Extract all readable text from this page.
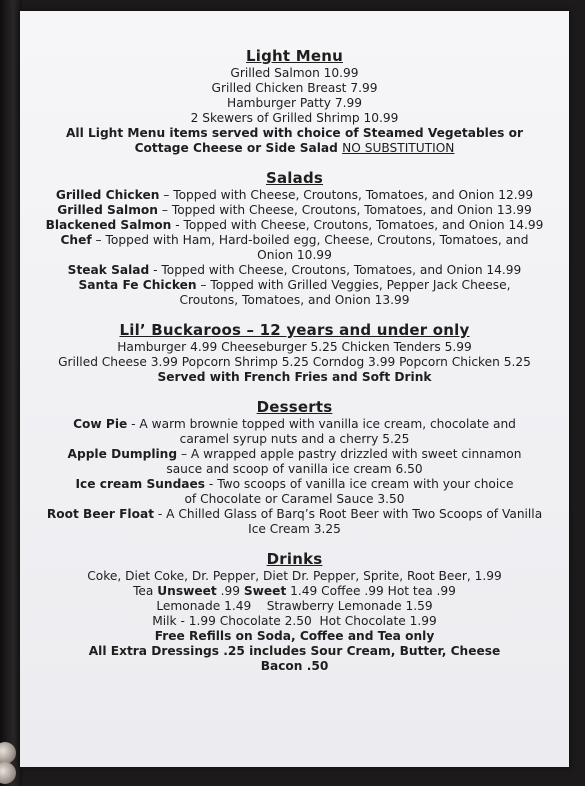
Light Menu

Grilled Salmon 10.99

Grilled Chicken Breast 7.99

Hamburger Patty 7.99

2 Skewers of Grilled Shrimp 10.99

All Light Menu items served with choice of Steamed Vegetables or

Cottage Cheese or Side Salad NO SUBSTITUTION

Salads

Grilled Chicken – Topped with Cheese, Croutons, Tomatoes, and Onion 12.99

Grilled Salmon – Topped with Cheese, Croutons, Tomatoes, and Onion 13.99

Blackened Salmon - Topped with Cheese, Croutons, Tomatoes, and Onion 14.99

Chef – Topped with Ham, Hard-boiled egg, Cheese, Croutons, Tomatoes, and Onion 10.99

Steak Salad - Topped with Cheese, Croutons, Tomatoes, and Onion 14.99

Santa Fe Chicken – Topped with Grilled Veggies, Pepper Jack Cheese, Croutons, Tomatoes, and Onion 13.99

Lil’ Buckaroos – 12 years and under only

Hamburger 4.99 Cheeseburger 5.25 Chicken Tenders 5.99

Grilled Cheese 3.99 Popcorn Shrimp 5.25 Corndog 3.99 Popcorn Chicken 5.25

Served with French Fries and Soft Drink

Desserts

Cow Pie - A warm brownie topped with vanilla ice cream, chocolate and caramel syrup nuts and a cherry 5.25

Apple Dumpling – A wrapped apple pastry drizzled with sweet cinnamon sauce and scoop of vanilla ice cream 6.50

Ice cream Sundaes - Two scoops of vanilla ice cream with your choice of Chocolate or Caramel Sauce 3.50

Root Beer Float - A Chilled Glass of Barq’s Root Beer with Two Scoops of Vanilla Ice Cream 3.25

Drinks

Coke, Diet Coke, Dr. Pepper, Diet Dr. Pepper, Sprite, Root Beer, 1.99

Tea Unsweet .99 Sweet 1.49 Coffee .99 Hot tea .99

Lemonade 1.49    Strawberry Lemonade 1.59

Milk - 1.99 Chocolate 2.50  Hot Chocolate 1.99

Free Refills on Soda, Coffee and Tea only

All Extra Dressings .25 includes Sour Cream, Butter, Cheese

Bacon .50
